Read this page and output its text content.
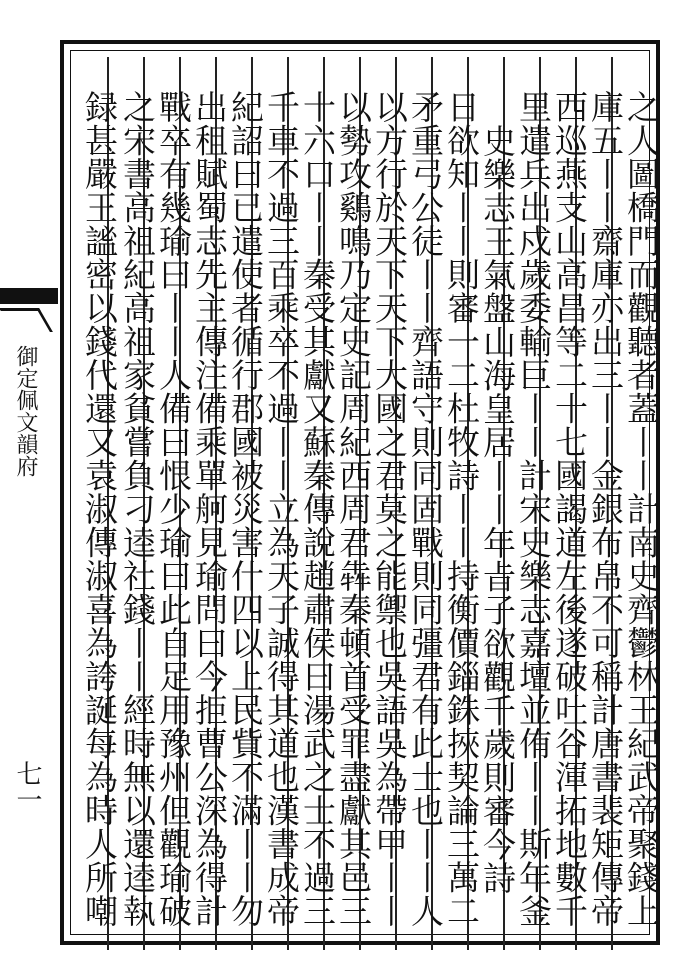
御定佩文韻府
七一	之人圖橋門而觀聽者蓋丨丨計南史齊鬱林王紀武帝聚錢上
庫五丨丨齋庫亦出三丨丨金銀布帛不可稱計唐書裴矩傳帝
西巡燕支山高昌等二十七國謁道左後遂破吐谷渾拓地數千
里遣兵出戍歲委輸巨丨丨計宋史樂志嘉壇並侑丨丨斯年釜
史樂志王氣盤山海皇居丨丨年㫖子欲觀千歲則審今詩
日欲知丨丨則審一二杜牧詩丨丨持衡價錙銖挾契論三萬二
矛重弓公徒丨丨齊語守則同固戰則同彊君有此士也丨丨人
以方行於天下天下大國之君莫之能禦也吳語吳為帶甲丨丨
以勢攻鷄鳴乃定史記周紀西周君犇秦頓首受罪盡獻其邑三
十六口丨丨秦受其獻又蘇秦傳說趙肅侯曰湯武之士不過三
千車不過三百乘卒不過丨丨立為天子誠得其道也漢書成帝
紀詔曰已遣使者循行郡國被災害什四以上民貲不滿丨丨勿
出租賦蜀志先主傳注備乘單舸見瑜問曰今拒曹公深為得計
戰卒有幾瑜曰丨丨人備曰恨少瑜曰此自足用豫州但觀瑜破
之宋書高祖紀高祖家貧嘗負刁逵社錢丨丨經時無以還逵執
録甚嚴王謐密以錢代還又袁淑傳淑喜為誇誕每為時人所嘲
